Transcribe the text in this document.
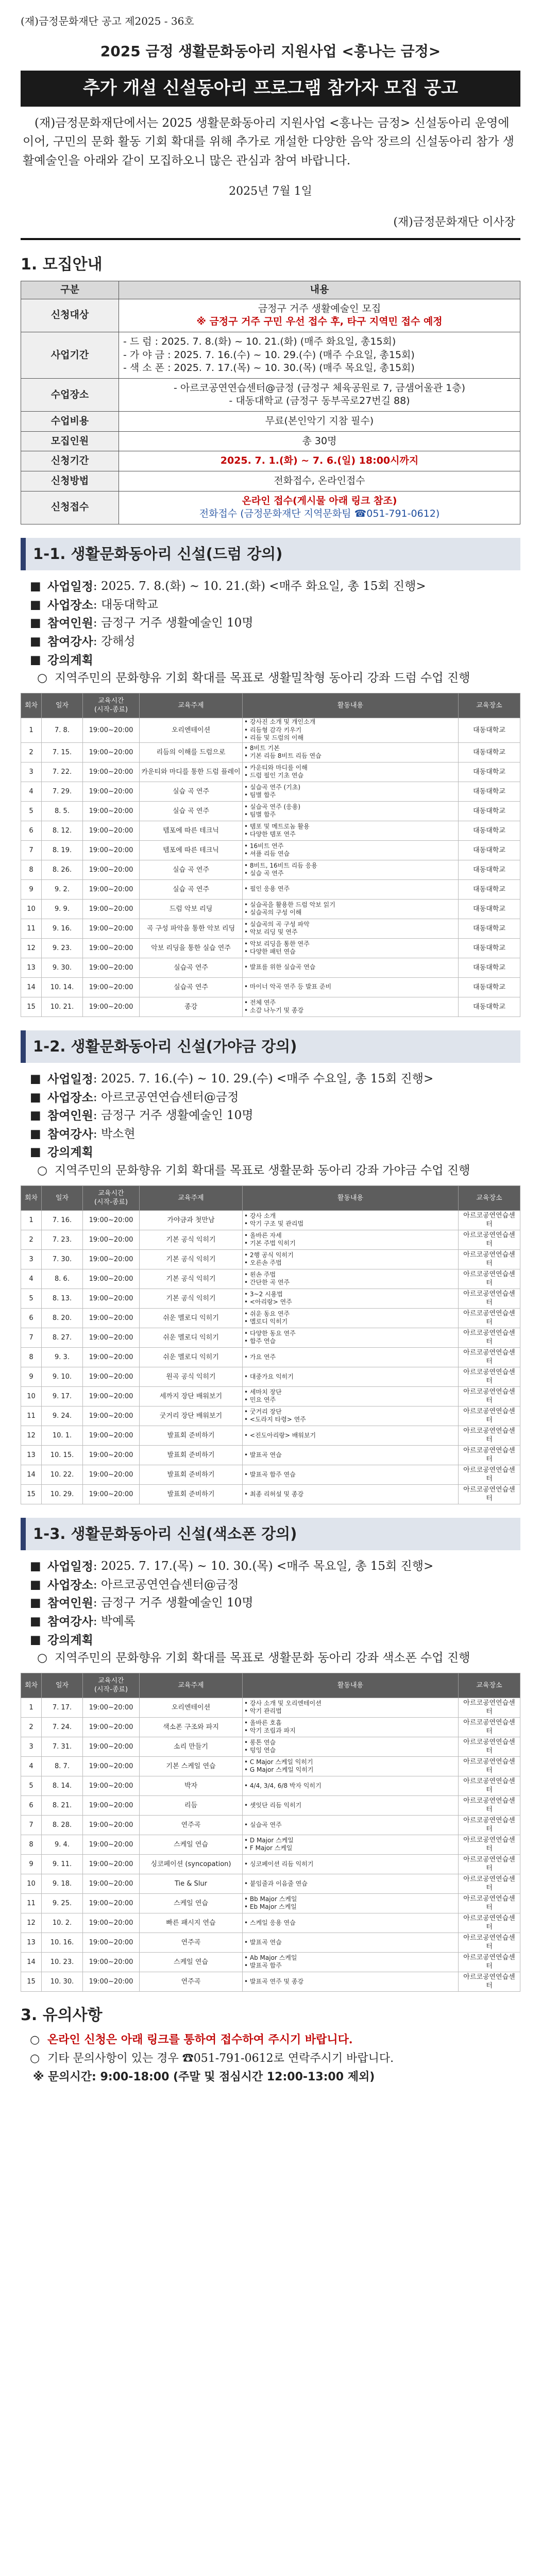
(재)금정문화재단 공고 제2025 - 36호
2025 금정 생활문화동아리 지원사업 <흥나는 금정>
추가 개설 신설동아리 프로그램 참가자 모집 공고

(재)금정문화재단에서는 2025 생활문화동아리 지원사업 <흥나는 금정> 신설동아리 운영에 이어, 구민의 문화 활동 기회 확대를 위해 추가로 개설한 다양한 음악 장르의 신설동아리 참가 생활예술인을 아래와 같이 모집하오니 많은 관심과 참여 바랍니다.

2025년 7월 1일
(재)금정문화재단 이사장
1. 모집안내
구분	내용
신청대상	금정구 거주 생활예술인 모집
※ 금정구 거주 구민 우선 접수 후, 타구 지역민 접수 예정

사업기간	- 드 럼 : 2025. 7. 8.(화) ~ 10. 21.(화) (매주 화요일, 총15회)
- 가 야 금 : 2025. 7. 16.(수) ~ 10. 29.(수) (매주 수요일, 총15회)
- 색 소 폰 : 2025. 7. 17.(목) ~ 10. 30.(목) (매주 목요일, 총15회)

수업장소	- 아르코공연연습센터@금정 (금정구 체육공원로 7, 금샘어울관 1층)
- 대동대학교 (금정구 동부곡로27번길 88)

수업비용	무료(본인악기 지참 필수)
모집인원	총 30명
신청기간	2025. 7. 1.(화) ~ 7. 6.(일) 18:00시까지
신청방법	전화접수, 온라인접수
신청접수	온라인 접수(게시물 아래 링크 참조)
전화접수 (금정문화재단 지역문화팀 ☎051-791-0612)
1-1. 생활문화동아리 신설(드럼 강의)
■ 사업일정 : 2025. 7. 8.(화) ~ 10. 21.(화) <매주 화요일, 총 15회 진행>
■ 사업장소 : 대동대학교
■ 참여인원 : 금정구 거주 생활예술인 10명
■ 참여강사 : 강해성
■ 강의계획
○ 지역주민의 문화향유 기회 확대를 목표로 생활밀착형 동아리 강좌 드럼 수업 진행
회차	일자	교육시간
(시작-종료)	교육주제	활동내용	교육장소
1	7. 8.	19:00~20:00	오리엔테이션	• 강사진 소개 및 개인소개
• 리듬형 감각 키우기
• 리듬 및 드럼의 이해	대동대학교
2	7. 15.	19:00~20:00	리듬의 이해를 드럼으로	• 8비트 기본
• 기본 리듬 8비트 리듬 연습	대동대학교
3	7. 22.	19:00~20:00	카운티와 마디를 통한 드럼 플레이	• 카운티와 마디를 이해
• 드럼 필인 기초 연습	대동대학교
4	7. 29.	19:00~20:00	실습 곡 연주	• 실습곡 연주 (기초)
• 팀별 합주	대동대학교
5	8. 5.	19:00~20:00	실습 곡 연주	• 실습곡 연주 (응용)
• 팀별 합주	대동대학교
6	8. 12.	19:00~20:00	템포에 따른 테크닉	• 템포 및 메트로놈 활용
• 다양한 템포 연주	대동대학교
7	8. 19.	19:00~20:00	템포에 따른 테크닉	• 16비트 연주
• 셔플 리듬 연습	대동대학교
8	8. 26.	19:00~20:00	실습 곡 연주	• 8비트, 16비트 리듬 응용
• 실습 곡 연주	대동대학교
9	9. 2.	19:00~20:00	실습 곡 연주	• 필인 응용 연주	대동대학교
10	9. 9.	19:00~20:00	드럼 악보 리딩	• 실습곡을 활용한 드럼 악보 읽기
• 실습곡의 구성 이해	대동대학교
11	9. 16.	19:00~20:00	곡 구성 파악을 통한 악보 리딩	• 실습곡의 곡 구성 파악
• 악보 리딩 및 연주	대동대학교
12	9. 23.	19:00~20:00	악보 리딩을 통한 실습 연주	• 악보 리딩을 통한 연주
• 다양한 패턴 연습	대동대학교
13	9. 30.	19:00~20:00	실습곡 연주	• 발표를 위한 실습곡 연습	대동대학교
14	10. 14.	19:00~20:00	실습곡 연주	• 마이너 악곡 연주 등 발표 준비	대동대학교
15	10. 21.	19:00~20:00	종강	• 전체 연주
• 소감 나누기 및 종강	대동대학교
1-2. 생활문화동아리 신설(가야금 강의)
■ 사업일정 : 2025. 7. 16.(수) ~ 10. 29.(수) <매주 수요일, 총 15회 진행>
■ 사업장소 : 아르코공연연습센터@금정
■ 참여인원 : 금정구 거주 생활예술인 10명
■ 참여강사 : 박소현
■ 강의계획
○ 지역주민의 문화향유 기회 확대를 목표로 생활문화 동아리 강좌 가야금 수업 진행
회차	일자	교육시간
(시작-종료)	교육주제	활동내용	교육장소
1	7. 16.	19:00~20:00	가야금과 첫만남	• 강사 소개
• 악기 구조 및 관리법	아르코공연연습센터
2	7. 23.	19:00~20:00	기본 공식 익히기	• 올바른 자세
• 기본 주법 익히기	아르코공연연습센터
3	7. 30.	19:00~20:00	기본 공식 익히기	• 2행 공식 익히기
• 오른손 주법	아르코공연연습센터
4	8. 6.	19:00~20:00	기본 공식 익히기	• 왼손 주법
• 간단한 곡 연주	아르코공연연습센터
5	8. 13.	19:00~20:00	기본 공식 익히기	• 3~2 시용법
• <아리랑> 연주	아르코공연연습센터
6	8. 20.	19:00~20:00	쉬운 멜로디 익히기	• 쉬운 동요 연주
• 멜로디 익히기	아르코공연연습센터
7	8. 27.	19:00~20:00	쉬운 멜로디 익히기	• 다양한 동요 연주
• 합주 연습	아르코공연연습센터
8	9. 3.	19:00~20:00	쉬운 멜로디 익히기	• 가요 연주	아르코공연연습센터
9	9. 10.	19:00~20:00	원곡 공식 익히기	• 대중가요 익히기	아르코공연연습센터
10	9. 17.	19:00~20:00	세까지 장단 배워보기	• 세마치 장단
• 민요 연주	아르코공연연습센터
11	9. 24.	19:00~20:00	굿거리 장단 배워보기	• 굿거리 장단
• <도라지 타령> 연주	아르코공연연습센터
12	10. 1.	19:00~20:00	발표회 준비하기	• <진도아리랑> 배워보기	아르코공연연습센터
13	10. 15.	19:00~20:00	발표회 준비하기	• 발표곡 연습	아르코공연연습센터
14	10. 22.	19:00~20:00	발표회 준비하기	• 발표곡 합주 연습	아르코공연연습센터
15	10. 29.	19:00~20:00	발표회 준비하기	• 최종 리허설 및 종강	아르코공연연습센터
1-3. 생활문화동아리 신설(색소폰 강의)
■ 사업일정 : 2025. 7. 17.(목) ~ 10. 30.(목) <매주 목요일, 총 15회 진행>
■ 사업장소 : 아르코공연연습센터@금정
■ 참여인원 : 금정구 거주 생활예술인 10명
■ 참여강사 : 박예록
■ 강의계획
○ 지역주민의 문화향유 기회 확대를 목표로 생활문화 동아리 강좌 색소폰 수업 진행
회차	일자	교육시간
(시작-종료)	교육주제	활동내용	교육장소
1	7. 17.	19:00~20:00	오리엔테이션	• 강사 소개 및 오리엔테이션
• 악기 관리법	아르코공연연습센터
2	7. 24.	19:00~20:00	색소폰 구조와 파지	• 올바른 호흡
• 악기 조립과 파지	아르코공연연습센터
3	7. 31.	19:00~20:00	소리 만들기	• 롱톤 연습
• 텅잉 연습	아르코공연연습센터
4	8. 7.	19:00~20:00	기본 스케일 연습	• C Major 스케일 익히기
• G Major 스케일 익히기	아르코공연연습센터
5	8. 14.	19:00~20:00	박자	• 4/4, 3/4, 6/8 박자 익히기	아르코공연연습센터
6	8. 21.	19:00~20:00	리듬	• 셋잇단 리듬 익히기	아르코공연연습센터
7	8. 28.	19:00~20:00	연주곡	• 실습곡 연주	아르코공연연습센터
8	9. 4.	19:00~20:00	스케일 연습	• D Major 스케일
• F Major 스케일	아르코공연연습센터
9	9. 11.	19:00~20:00	싱코페이션 (syncopation)	• 싱코페이션 리듬 익히기	아르코공연연습센터
10	9. 18.	19:00~20:00	Tie & Slur	• 붙임줄과 이음줄 연습	아르코공연연습센터
11	9. 25.	19:00~20:00	스케일 연습	• Bb Major 스케일
• Eb Major 스케일	아르코공연연습센터
12	10. 2.	19:00~20:00	빠른 패시지 연습	• 스케일 응용 연습	아르코공연연습센터
13	10. 16.	19:00~20:00	연주곡	• 발표곡 연습	아르코공연연습센터
14	10. 23.	19:00~20:00	스케일 연습	• Ab Major 스케일
• 발표곡 합주	아르코공연연습센터
15	10. 30.	19:00~20:00	연주곡	• 발표곡 연주 및 종강	아르코공연연습센터
3. 유의사항
○ 온라인 신청은 아래 링크를 통하여 접수하여 주시기 바랍니다.
○ 기타 문의사항이 있는 경우 ☎051-791-0612로 연락주시기 바랍니다.
※ 문의시간: 9:00-18:00 (주말 및 점심시간 12:00-13:00 제외)
